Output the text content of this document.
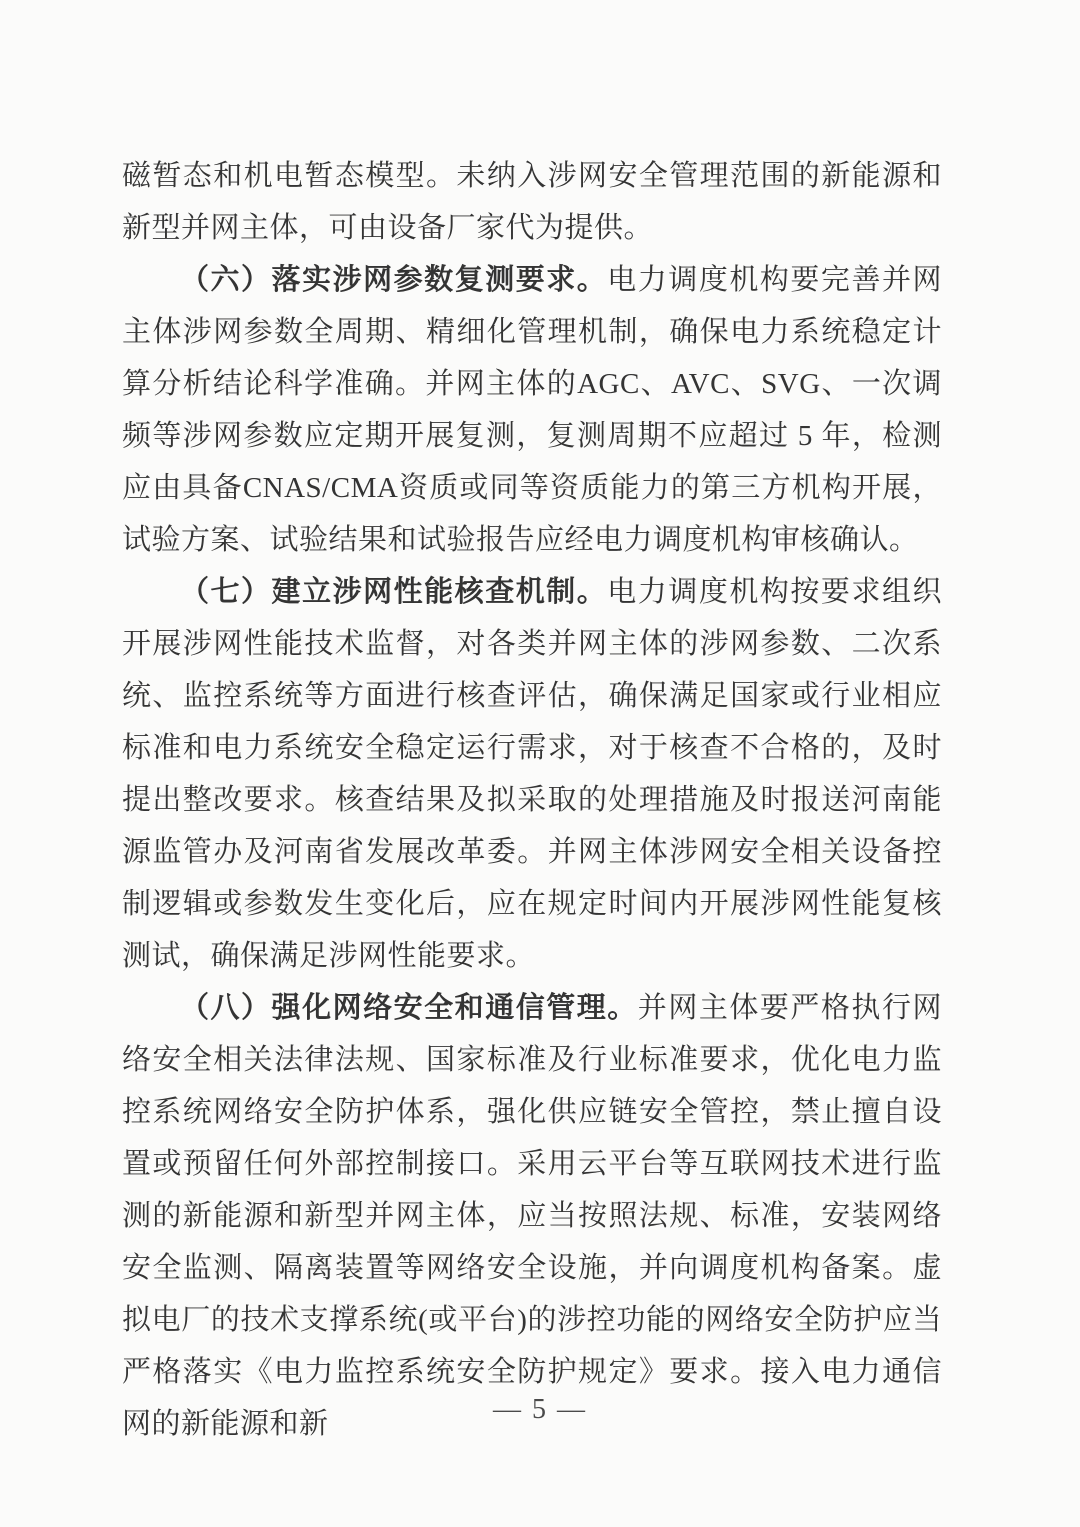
磁暂态和机电暂态模型。未纳入涉网安全管理范围的新能源和新型并网主体，可由设备厂家代为提供。

（六）落实涉网参数复测要求。电力调度机构要完善并网主体涉网参数全周期、精细化管理机制，确保电力系统稳定计算分析结论科学准确。并网主体的AGC、AVC、SVG、一次调频等涉网参数应定期开展复测，复测周期不应超过 5 年，检测应由具备CNAS/CMA资质或同等资质能力的第三方机构开展，试验方案、试验结果和试验报告应经电力调度机构审核确认。

（七）建立涉网性能核查机制。电力调度机构按要求组织开展涉网性能技术监督，对各类并网主体的涉网参数、二次系统、监控系统等方面进行核查评估，确保满足国家或行业相应标准和电力系统安全稳定运行需求，对于核查不合格的，及时提出整改要求。核查结果及拟采取的处理措施及时报送河南能源监管办及河南省发展改革委。并网主体涉网安全相关设备控制逻辑或参数发生变化后，应在规定时间内开展涉网性能复核测试，确保满足涉网性能要求。

（八）强化网络安全和通信管理。并网主体要严格执行网络安全相关法律法规、国家标准及行业标准要求，优化电力监控系统网络安全防护体系，强化供应链安全管控，禁止擅自设置或预留任何外部控制接口。采用云平台等互联网技术进行监测的新能源和新型并网主体，应当按照法规、标准，安装网络安全监测、隔离装置等网络安全设施，并向调度机构备案。虚拟电厂的技术支撑系统(或平台)的涉控功能的网络安全防护应当严格落实《电力监控系统安全防护规定》要求。接入电力通信网的新能源和新	— 5 —
